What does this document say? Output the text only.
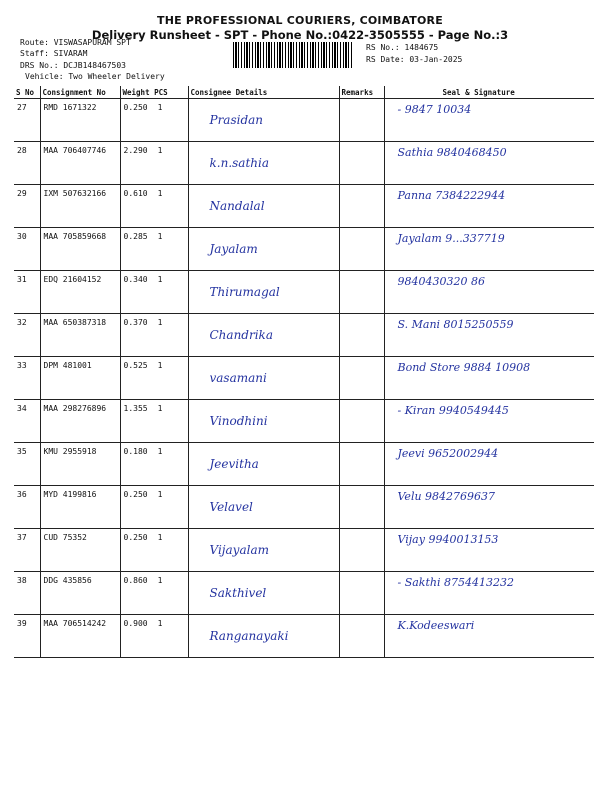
THE PROFESSIONAL COURIERS, COIMBATORE
Delivery Runsheet - SPT - Phone No.:0422-3505555 - Page No.:3
Route: VISWASAPURAM SPT
Staff: SIVARAM
DRS No.: DCJB148467503
Vehicle: Two Wheeler Delivery
RS No.: 1484675
RS Date: 03-Jan-2025
S No	Consignment No	Weight PCS	Consignee Details	Remarks	Seal & Signature
27	RMD 1671322	0.250 1	Prasidan		- 9847 10034

28	MAA 706407746	2.290 1	k.n.sathia		Sathia 9840468450

29	IXM 507632166	0.610 1	Nandalal		Panna 7384222944

30	MAA 705859668	0.285 1	Jayalam		Jayalam 9...337719

31	EDQ 21604152	0.340 1	Thirumagal		9840430320 86

32	MAA 650387318	0.370 1	Chandrika		S. Mani 8015250559

33	DPM 481001	0.525 1	vasamani		Bond Store 9884 10908

34	MAA 298276896	1.355 1	Vinodhini		- Kiran 9940549445

35	KMU 2955918	0.180 1	Jeevitha		Jeevi 9652002944

36	MYD 4199816	0.250 1	Velavel		Velu 9842769637

37	CUD 75352	0.250 1	Vijayalam		Vijay 9940013153

38	DDG 435856	0.860 1	Sakthivel		- Sakthi 8754413232

39	MAA 706514242	0.900 1	Ranganayaki		K.Kodeeswari
